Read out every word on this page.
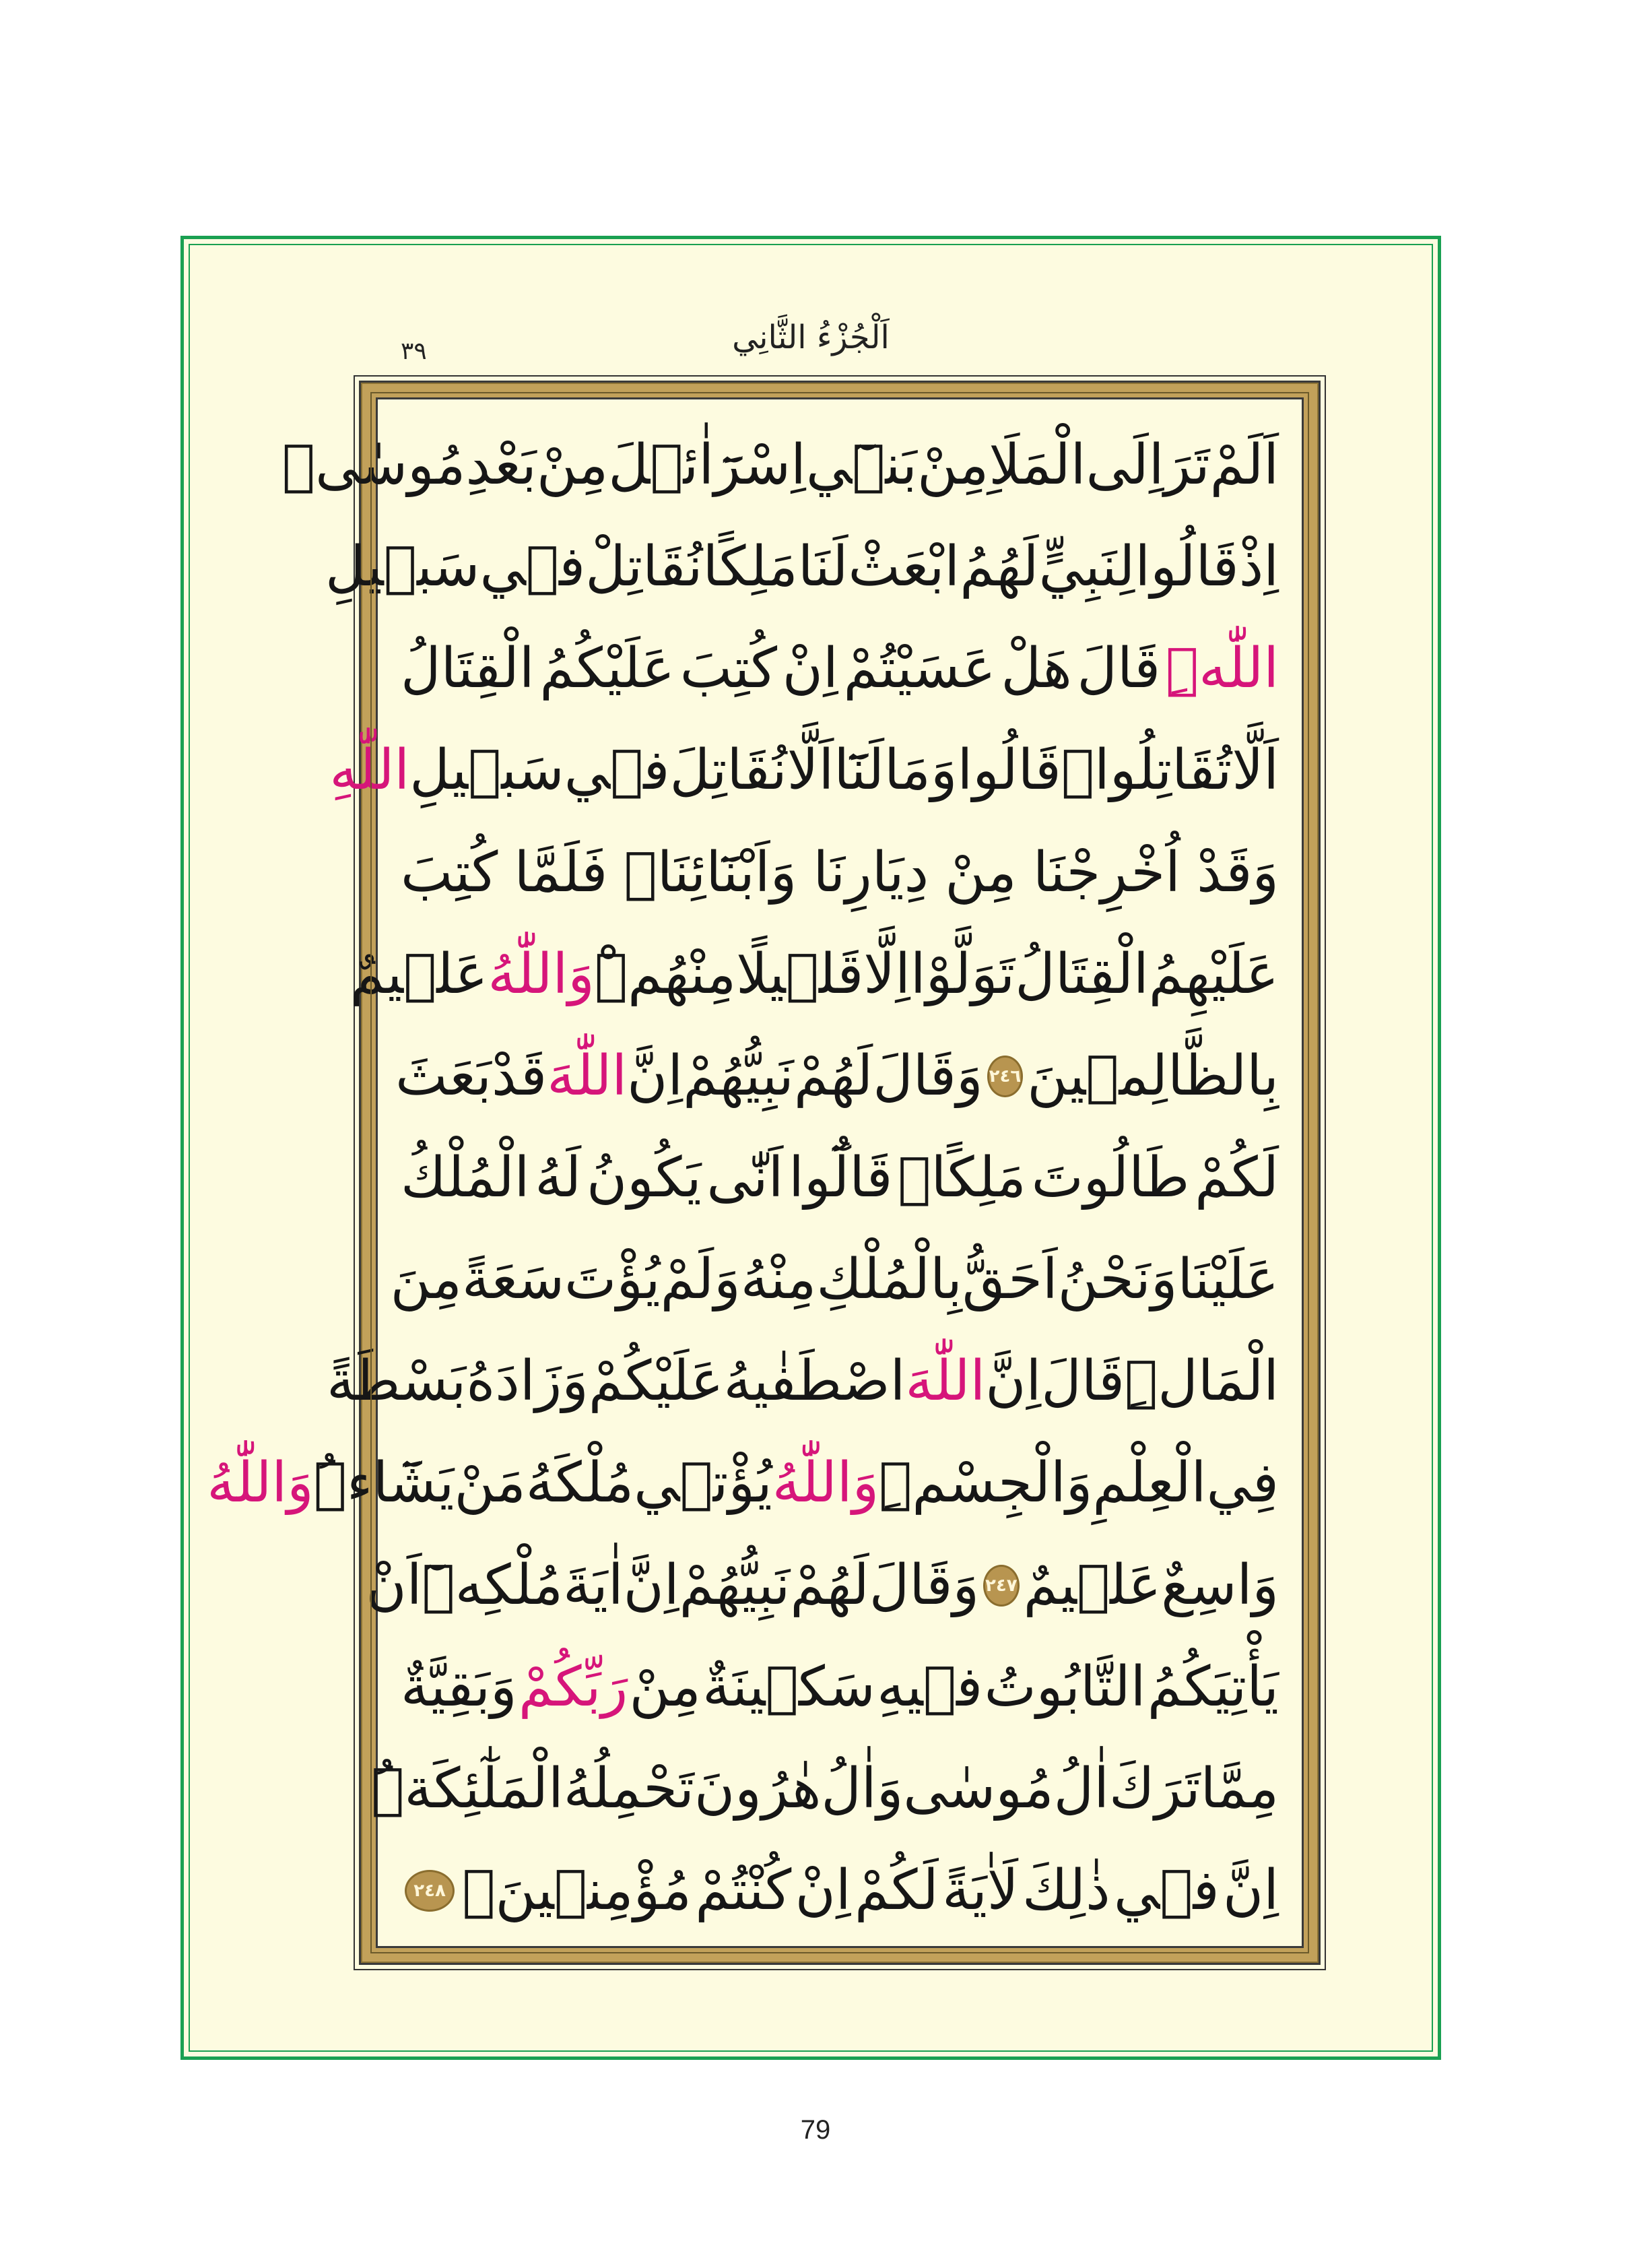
اَلْجُزْءُ الثَّانِي
٣٩
اَلَمْ
تَرَ
اِلَى
الْمَلَاِ
مِنْ
بَنٖٓي
اِسْرَٓاٰئٖلَ
مِنْ
بَعْدِ
مُوسٰىۢ
اِذْ
قَالُوا
لِنَبِيٍّ
لَهُمُ
ابْعَثْ
لَنَا
مَلِكًا
نُقَاتِلْ
فٖي
سَبٖيلِ
اللّٰهِۜ
قَالَ
هَلْ
عَسَيْتُمْ
اِنْ
كُتِبَ
عَلَيْكُمُ
الْقِتَالُ
اَلَّا
تُقَاتِلُواۜ
قَالُوا
وَمَا
لَنَٓا
اَلَّا
نُقَاتِلَ
فٖي
سَبٖيلِ
اللّٰهِ
وَقَدْ
اُخْرِجْنَا
مِنْ
دِيَارِنَا
وَاَبْنَٓائِنَاۜ
فَلَمَّا
كُتِبَ
عَلَيْهِمُ
الْقِتَالُ
تَوَلَّوْا
اِلَّا
قَلٖيلًا
مِنْهُمْۜ
وَاللّٰهُ
عَلٖيمٌ
بِالظَّالِمٖينَ
٢٤٦
وَقَالَ
لَهُمْ
نَبِيُّهُمْ
اِنَّ
اللّٰهَ
قَدْ
بَعَثَ
لَكُمْ
طَالُوتَ
مَلِكًاۜ
قَالُٓوا
اَنّٰى
يَكُونُ
لَهُ
الْمُلْكُ
عَلَيْنَا
وَنَحْنُ
اَحَقُّ
بِالْمُلْكِ
مِنْهُ
وَلَمْ
يُؤْتَ
سَعَةً
مِنَ
الْمَالِۜ
قَالَ
اِنَّ
اللّٰهَ
اصْطَفٰيهُ
عَلَيْكُمْ
وَزَادَهُ
بَسْطَةً
فِي
الْعِلْمِ
وَالْجِسْمِۜ
وَاللّٰهُ
يُؤْتٖي
مُلْكَهُ
مَنْ
يَشَٓاءُۜ
وَاللّٰهُ
وَاسِعٌ
عَلٖيمٌ
٢٤٧
وَقَالَ
لَهُمْ
نَبِيُّهُمْ
اِنَّ
اٰيَةَ
مُلْكِهٖٓ
اَنْ
يَأْتِيَكُمُ
التَّابُوتُ
فٖيهِ
سَكٖينَةٌ
مِنْ
رَبِّكُمْ
وَبَقِيَّةٌ
مِمَّا
تَرَكَ
اٰلُ
مُوسٰى
وَاٰلُ
هٰرُونَ
تَحْمِلُهُ
الْمَلٰٓئِكَةُۜ
اِنَّ
فٖي
ذٰلِكَ
لَاٰيَةً
لَكُمْ
اِنْ
كُنْتُمْ
مُؤْمِنٖينَ۟
٢٤٨
79
